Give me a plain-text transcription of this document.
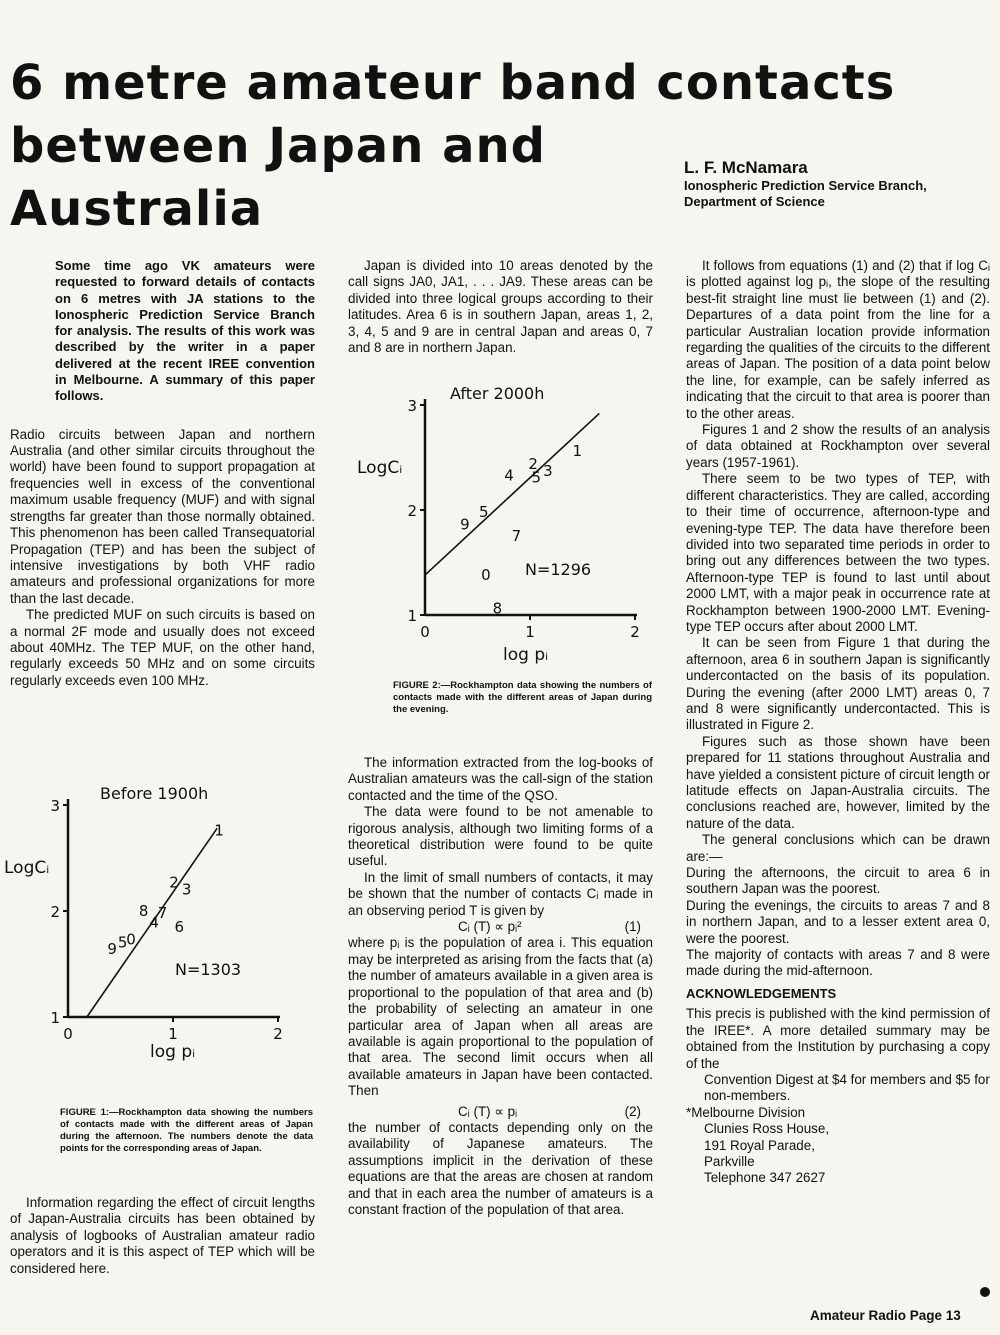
6 metre amateur band contacts
between Japan and
Australia
L. F. McNamara
Ionospheric Prediction Service Branch,
Department of Science

Some time ago VK amateurs were requested to forward details of contacts on 6 metres with JA stations to the Ionospheric Prediction Service Branch for analysis. The results of this work was described by the writer in a paper delivered at the recent IREE convention in Melbourne. A summary of this paper follows.

Radio circuits between Japan and northern Australia (and other similar circuits throughout the world) have been found to support propagation at frequencies well in excess of the conventional maximum usable frequency (MUF) and with signal strengths far greater than those normally obtained. This phenomenon has been called Transequatorial Propagation (TEP) and has been the subject of intensive investigations by both VHF radio amateurs and professional organizations for more than the last decade.

The predicted MUF on such circuits is based on a normal 2F mode and usually does not exceed about 40MHz. The TEP MUF, on the other hand, regularly exceeds 50 MHz and on some circuits regularly exceeds even 100 MHz.

1
2
3
0	1	2
1
2 3
8 7
4 6
0
5
9
Before 1900h
LogCᵢ
log pᵢ
N=1303
FIGURE 1:—Rockhampton data showing the numbers of contacts made with the different areas of Japan during the afternoon. The numbers denote the data points for the corresponding areas of Japan.

Information regarding the effect of circuit lengths of Japan-Australia circuits has been obtained by analysis of logbooks of Australian amateur radio operators and it is this aspect of TEP which will be considered here.

Japan is divided into 10 areas denoted by the call signs JA0, JA1, . . . JA9. These areas can be divided into three logical groups according to their latitudes. Area 6 is in southern Japan, areas 1, 2, 3, 4, 5 and 9 are in central Japan and areas 0, 7 and 8 are in northern Japan.

1
2
3
0	1	2
1
2 3
5
4
5
9
7
0
8
After 2000h
LogCᵢ
log pᵢ
N=1296
FIGURE 2:—Rockhampton data showing the numbers of contacts made with the different areas of Japan during the evening.

The information extracted from the log-books of Australian amateurs was the call-sign of the station contacted and the time of the QSO.

The data were found to be not amenable to rigorous analysis, although two limiting forms of a theoretical distribution were found to be quite useful.

In the limit of small numbers of contacts, it may be shown that the number of contacts Cᵢ made in an observing period T is given by

Cᵢ (T) ∝ pᵢ²	(1)

where pᵢ is the population of area i. This equation may be interpreted as arising from the facts that (a) the number of amateurs available in a given area is proportional to the population of that area and (b) the probability of selecting an amateur in one particular area of Japan when all areas are available is again proportional to the population of that area. The second limit occurs when all available amateurs in Japan have been contacted. Then

Cᵢ (T) ∝ pᵢ	(2)

the number of contacts depending only on the availability of Japanese amateurs. The assumptions implicit in the derivation of these equations are that the areas are chosen at random and that in each area the number of amateurs is a constant fraction of the population of that area.

It follows from equations (1) and (2) that if log Cᵢ is plotted against log pᵢ, the slope of the resulting best-fit straight line must lie between (1) and (2). Departures of a data point from the line for a particular Australian location provide information regarding the qualities of the circuits to the different areas of Japan. The position of a data point below the line, for example, can be safely inferred as indicating that the circuit to that area is poorer than to the other areas.

Figures 1 and 2 show the results of an analysis of data obtained at Rockhampton over several years (1957-1961).

There seem to be two types of TEP, with different characteristics. They are called, according to their time of occurrence, afternoon-type and evening-type TEP. The data have therefore been divided into two separated time periods in order to bring out any differences between the two types. Afternoon-type TEP is found to last until about 2000 LMT, with a major peak in occurrence rate at Rockhampton between 1900-2000 LMT. Evening-type TEP occurs after about 2000 LMT.

It can be seen from Figure 1 that during the afternoon, area 6 in southern Japan is significantly undercontacted on the basis of its population. During the evening (after 2000 LMT) areas 0, 7 and 8 were significantly undercontacted. This is illustrated in Figure 2.

Figures such as those shown have been prepared for 11 stations throughout Australia and have yielded a consistent picture of circuit length or latitude effects on Japan-Australia circuits. The conclusions reached are, however, limited by the nature of the data.

The general conclusions which can be drawn are:—

During the afternoons, the circuit to area 6 in southern Japan was the poorest.

During the evenings, the circuits to areas 7 and 8 in northern Japan, and to a lesser extent area 0, were the poorest.

The majority of contacts with areas 7 and 8 were made during the mid-afternoon.

ACKNOWLEDGEMENTS

This precis is published with the kind permission of the IREE*. A more detailed summary may be obtained from the Institution by purchasing a copy of the

Convention Digest at $4 for members and $5 for non-members.

*Melbourne Division

Clunies Ross House,

191 Royal Parade,

Parkville

Telephone 347 2627

Amateur Radio Page 13
